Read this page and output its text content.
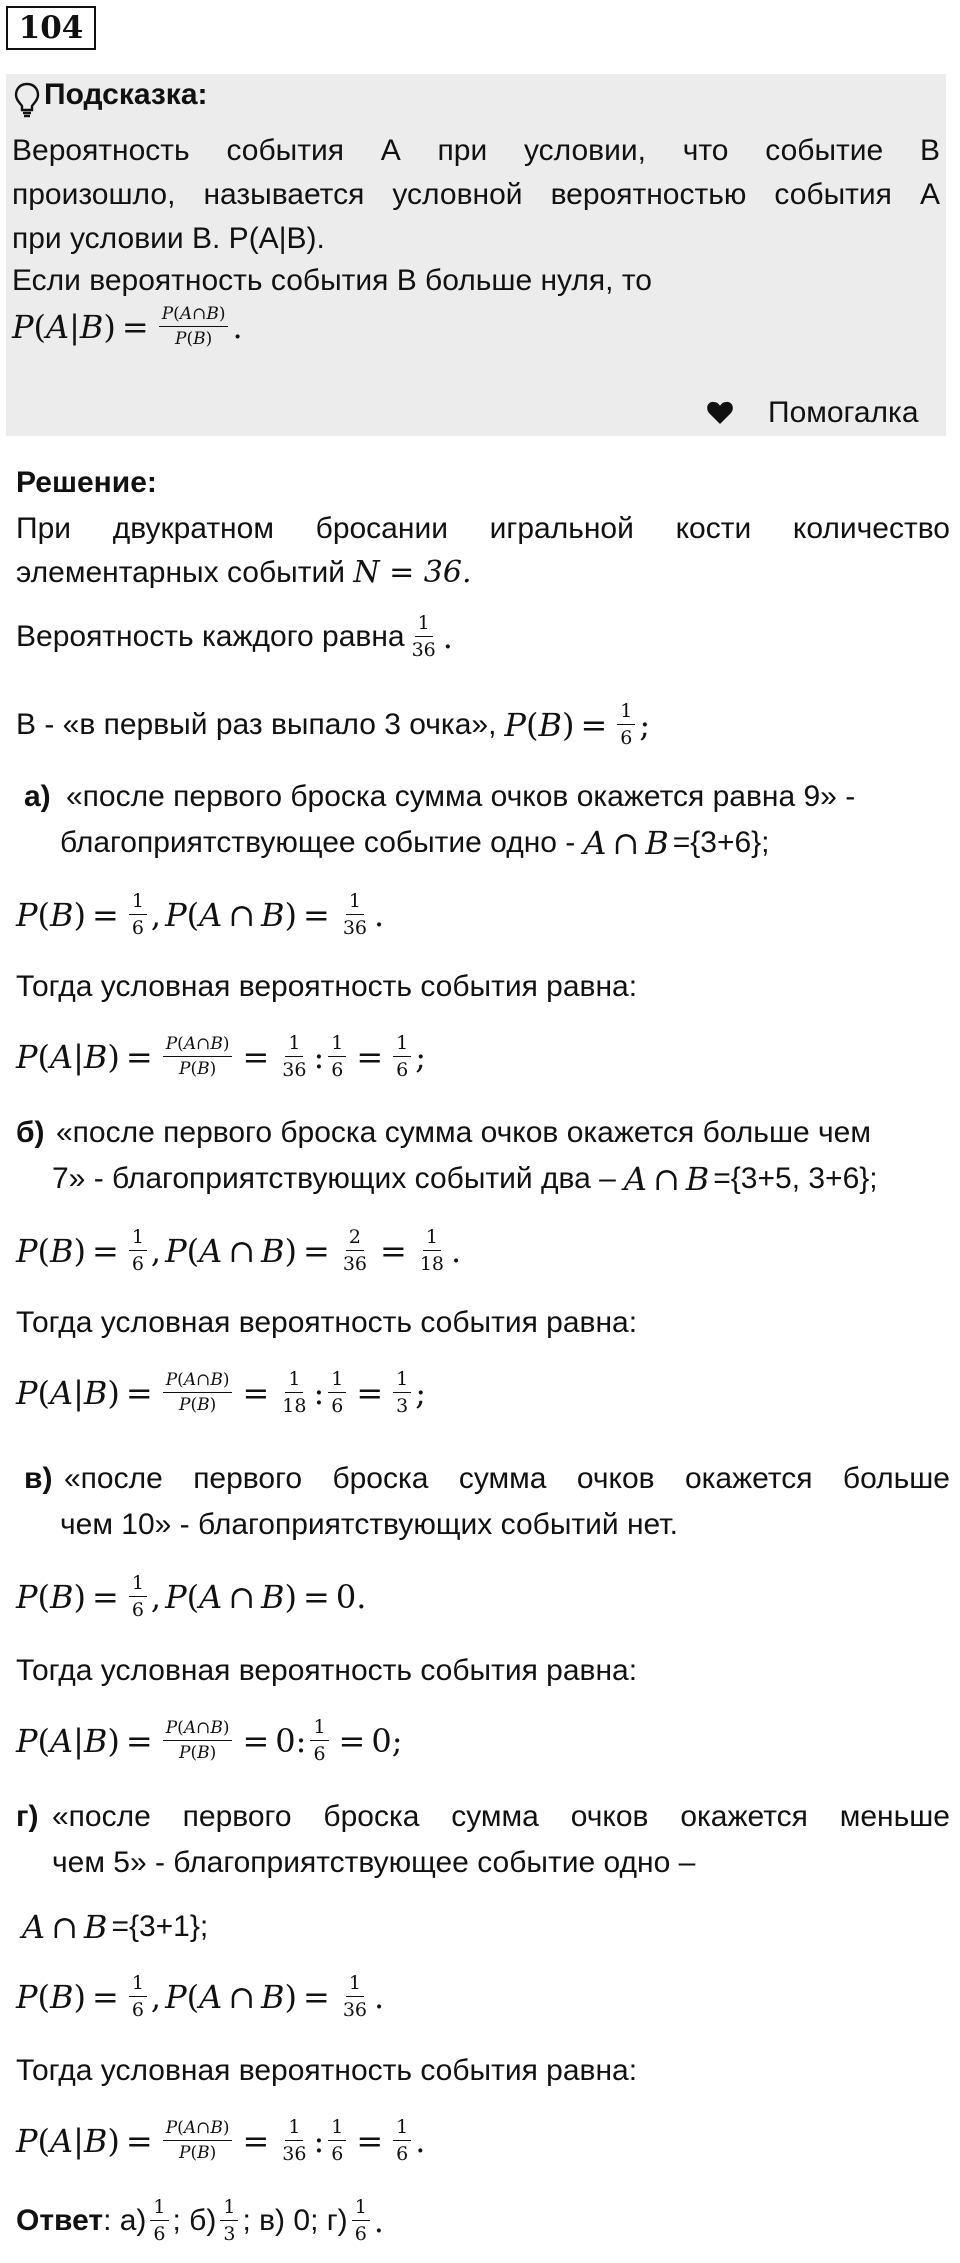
104
Подсказка:
Вероятность события А при условии, что событие В
произошло, называется условной вероятностью события А
при условии В. P(A|B).
Если вероятность события В больше нуля, то
P ( A | B ) = $\frac{P(A\cap B)}{P(B)}$ .
Помогалка
Решение:
При двукратном бросании игральной кости количество
элементарных событий N = 36.
Вероятность каждого равна $\frac{1}{36}$ .
В - «в первый раз выпало 3 очка», P ( B ) = $\frac{1}{6}$ ;
а) «после первого броска сумма очков окажется равна 9» -
благоприятствующее событие одно - A ∩ B ={3+6};
P ( B ) = $\frac{1}{6}$ , P ( A ∩ B ) = $\frac{1}{36}$ .
Тогда условная вероятность события равна:
P ( A | B ) = $\frac{P(A\cap B)}{P(B)} = \frac{1}{36}$ : $\frac{1}{6} = \frac{1}{6}$ ;
б) «после первого броска сумма очков окажется больше чем
7» - благоприятствующих событий два – A ∩ B ={3+5, 3+6};
P ( B ) = $\frac{1}{6}$ , P ( A ∩ B ) = $\frac{2}{36} = \frac{1}{18}$ .
Тогда условная вероятность события равна:
P ( A | B ) = $\frac{P(A\cap B)}{P(B)} = \frac{1}{18}$ : $\frac{1}{6} = \frac{1}{3}$ ;
в) «после первого броска сумма очков окажется больше
чем 10» - благоприятствующих событий нет.
P ( B ) = $\frac{1}{6}$ , P ( A ∩ B ) = 0.
Тогда условная вероятность события равна:
P ( A | B ) = $\frac{P(A\cap B)}{P(B)} = 0$: $\frac{1}{6} = 0$;
г) «после первого броска сумма очков окажется меньше
чем 5» - благоприятствующее событие одно –
A ∩ B ={3+1};
P ( B ) = $\frac{1}{6}$ , P ( A ∩ B ) = $\frac{1}{36}$ .
Тогда условная вероятность события равна:
P ( A | B ) = $\frac{P(A\cap B)}{P(B)} = \frac{1}{36}$ : $\frac{1}{6} = \frac{1}{6}$ .
Ответ : $а) \frac{1}{6}$ ; $б) \frac{1}{3}$ ; в) 0; $г) \frac{1}{6}$ .
